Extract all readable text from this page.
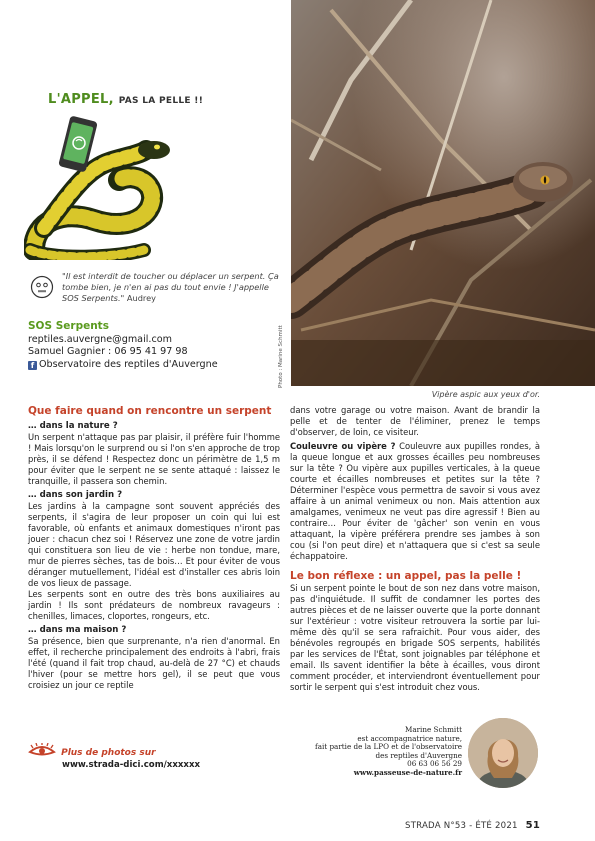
L'APPEL, PAS LA PELLE !!
"Il est interdit de toucher ou déplacer un serpent. Ça tombe bien, je n'en ai pas du tout envie ! J'appelle SOS Serpents." Audrey
SOS Serpents
reptiles.auvergne@gmail.com
Samuel Gagnier : 06 95 41 97 98
f Observatoire des reptiles d'Auvergne	Photo : Marine Schmitt
Vipère aspic aux yeux d'or.
Que faire quand on rencontre un serpent
… dans la nature ?

Un serpent n'attaque pas par plaisir, il préfère fuir l'homme ! Mais lorsqu'on le surprend ou si l'on s'en approche de trop près, il se défend ! Respectez donc un périmètre de 1,5 m pour éviter que le serpent ne se sente attaqué : laissez le tranquille, il passera son chemin.

… dans son jardin ?

Les jardins à la campagne sont souvent appréciés des serpents, il s'agira de leur proposer un coin qui lui est favorable, où enfants et animaux domestiques n'iront pas jouer : chacun chez soi ! Réservez une zone de votre jardin qui constituera son lieu de vie : herbe non tondue, mare, mur de pierres sèches, tas de bois… Et pour éviter de vous déranger mutuellement, l'idéal est d'installer ces abris loin de vos lieux de passage.

Les serpents sont en outre des très bons auxiliaires au jardin ! Ils sont prédateurs de nombreux ravageurs : chenilles, limaces, cloportes, rongeurs, etc.

… dans ma maison ?

Sa présence, bien que surprenante, n'a rien d'anormal. En effet, il recherche principalement des endroits à l'abri, frais l'été (quand il fait trop chaud, au-delà de 27 °C) et chauds l'hiver (pour se mettre hors gel), il se peut que vous croisiez un jour ce reptile

dans votre garage ou votre maison. Avant de brandir la pelle et de tenter de l'éliminer, prenez le temps d'observer, de loin, ce visiteur.

Couleuvre ou vipère ? Couleuvre aux pupilles rondes, à la queue longue et aux grosses écailles peu nombreuses sur la tête ? Ou vipère aux pupilles verticales, à la queue courte et écailles nombreuses et petites sur la tête ? Déterminer l'espèce vous permettra de savoir si vous avez affaire à un animal venimeux ou non. Mais attention aux amalgames, venimeux ne veut pas dire agressif ! Bien au contraire… Pour éviter de 'gâcher' son venin en vous attaquant, la vipère préférera prendre ses jambes à son cou (si l'on peut dire) et n'attaquera que si c'est sa seule échappatoire.

Le bon réflexe : un appel, pas la pelle !

Si un serpent pointe le bout de son nez dans votre maison, pas d'inquiétude. Il suffit de condamner les portes des autres pièces et de ne laisser ouverte que la porte donnant sur l'extérieur : votre visiteur retrouvera la sortie par lui-même dès qu'il se sera rafraichit. Pour vous aider, des bénévoles regroupés en brigade SOS serpents, habilités par les services de l'État, sont joignables par téléphone et email. Ils savent identifier la bête à écailles, vous diront comment procéder, et interviendront éventuellement pour sortir le serpent qui s'est introduit chez vous.

Plus de photos sur
www.strada-dici.com/xxxxxx
Marine Schmitt
est accompagnatrice nature,
fait partie de la LPO et de l'observatoire
des reptiles d'Auvergne
06 63 06 56 29
www.passeuse-de-nature.fr
STRADA N°53 - ÉTÉ 2021 51
